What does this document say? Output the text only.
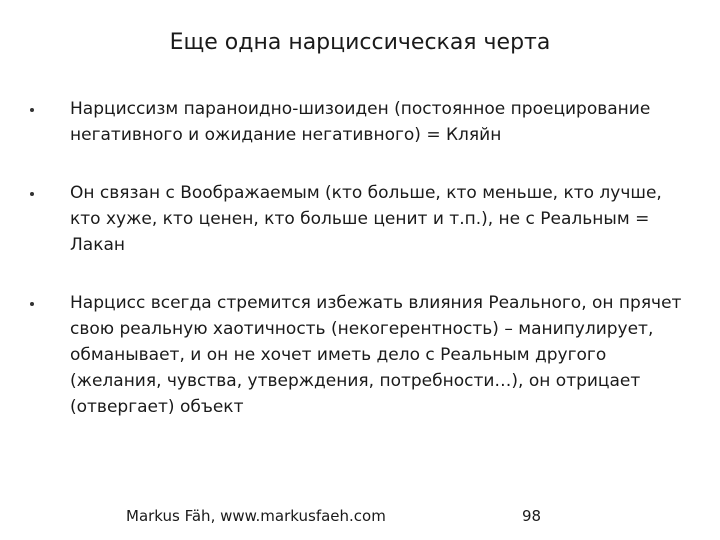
Еще одна нарциссическая черта
Нарциссизм параноидно-шизоиден (постоянное проецирование негативного и ожидание негативного) = Кляйн
Он связан с Воображаемым (кто больше, кто меньше, кто лучше, кто хуже, кто ценен, кто больше ценит и т.п.), не с Реальным = Лакан
Нарцисс всегда стремится избежать влияния Реального, он прячет свою реальную хаотичность (некогерентность) – манипулирует, обманывает, и он не хочет иметь дело с Реальным другого (желания, чувства, утверждения, потребности…), он отрицает (отвергает) объект
Markus Fäh, www.markusfaeh.com	98
